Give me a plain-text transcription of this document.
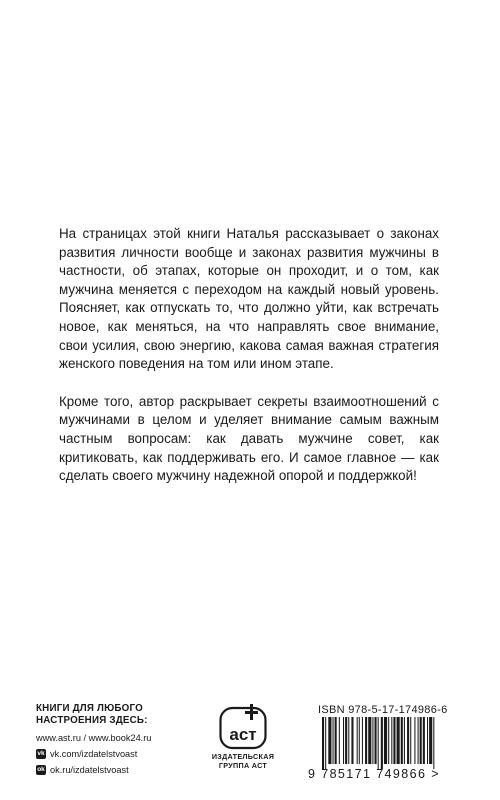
На страницах этой книги Наталья рассказывает о законах развития личности вообще и законах развития мужчины в частности, об этапах, которые он проходит, и о том, как мужчина меняется с переходом на каждый новый уровень. Поясняет, как отпускать то, что должно уйти, как встречать новое, как меняться, на что направлять свое внимание, свои усилия, свою энергию, какова самая важная стратегия женского поведения на том или ином этапе.

Кроме того, автор раскрывает секреты взаимоотношений с мужчинами в целом и уделяет внимание самым важным частным вопросам: как давать мужчине совет, как критиковать, как поддерживать его. И самое главное — как сделать своего мужчину надежной опорой и поддержкой!

КНИГИ ДЛЯ ЛЮБОГО
НАСТРОЕНИЯ ЗДЕСЬ:
www.ast.ru / www.book24.ru
vk vk.com/izdatelstvoast
ok ok.ru/izdatelstvoast
аст
ИЗДАТЕЛЬСКАЯ
ГРУППА АСТ
ISBN 978-5-17-174986-6
9 785171 749866 >
